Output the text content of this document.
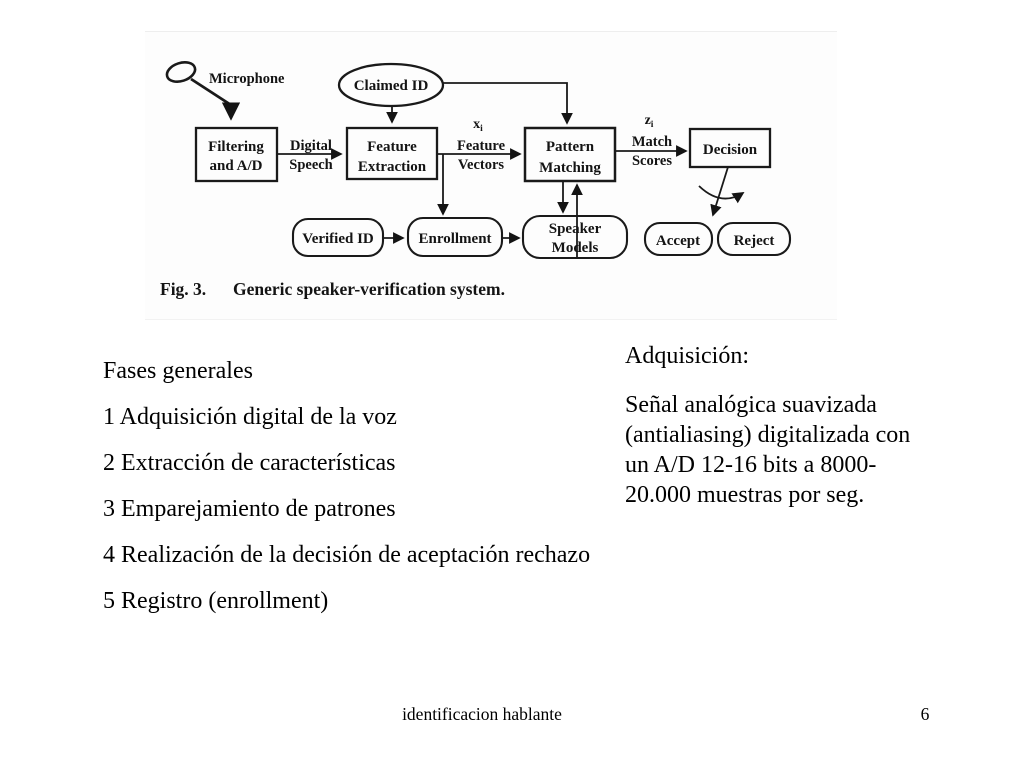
Filtering
and A/D
Claimed ID
Feature
Extraction
Pattern
Matching
Decision
Verified ID	Enrollment
Speaker
Models	Accept Reject
Microphone
Digital
Speech
Feature
Vectors
Match
Scores
$x_i$
$z_i$
Fig. 3. Generic speaker-verification system.
Fases generales
1 Adquisición digital de la voz
2 Extracción de características
3 Emparejamiento de patrones
4 Realización de la decisión de aceptación rechazo
5 Registro (enrollment)
Adquisición:
Señal analógica suavizada
(antialiasing) digitalizada con
un A/D 12-16 bits a 8000-
20.000 muestras por seg.
identificacion hablante	6
